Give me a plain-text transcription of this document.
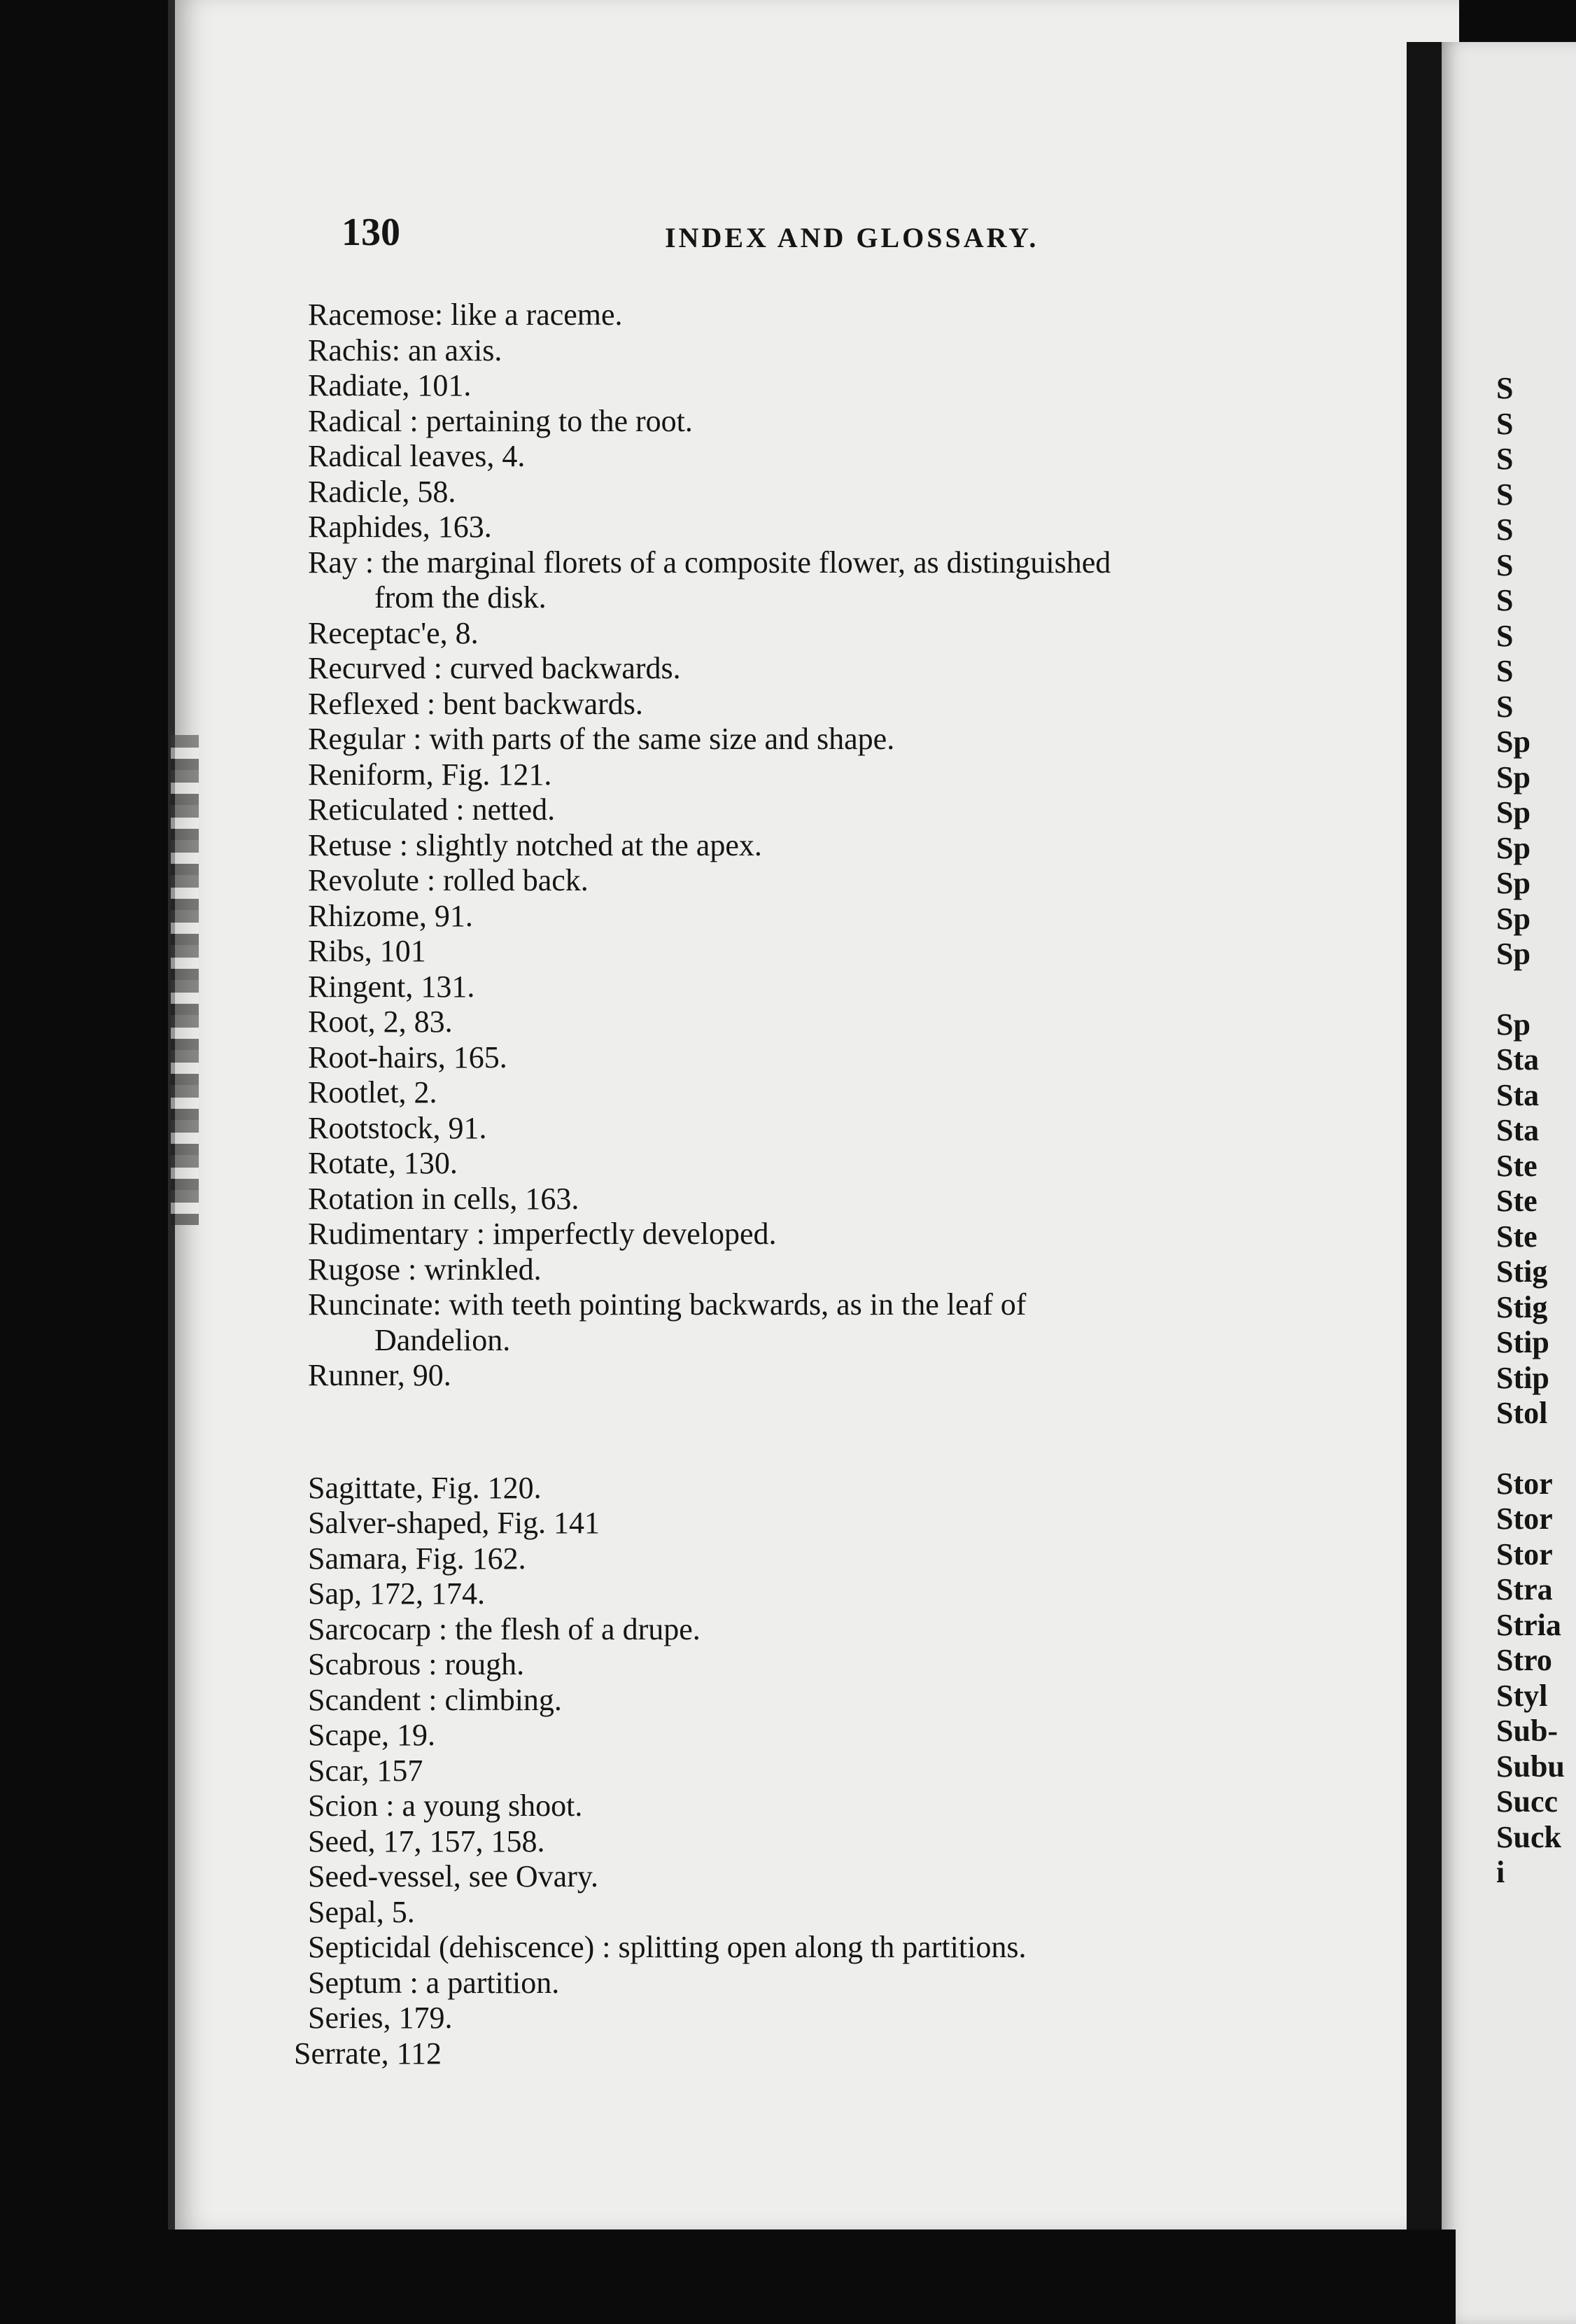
130	INDEX AND GLOSSARY.
Racemose: like a raceme.
Rachis: an axis.
Radiate, 101.
Radical : pertaining to the root.
Radical leaves, 4.
Radicle, 58.
Raphides, 163.
Ray : the marginal florets of a composite flower, as distinguished
from the disk.
Receptac'e, 8.
Recurved : curved backwards.
Reflexed : bent backwards.
Regular : with parts of the same size and shape.
Reniform, Fig. 121.
Reticulated : netted.
Retuse : slightly notched at the apex.
Revolute : rolled back.
Rhizome, 91.
Ribs, 101
Ringent, 131.
Root, 2, 83.
Root-hairs, 165.
Rootlet, 2.
Rootstock, 91.
Rotate, 130.
Rotation in cells, 163.
Rudimentary : imperfectly developed.
Rugose : wrinkled.
Runcinate: with teeth pointing backwards, as in the leaf of
Dandelion.
Runner, 90.
Sagittate, Fig. 120.
Salver-shaped, Fig. 141
Samara, Fig. 162.
Sap, 172, 174.
Sarcocarp : the flesh of a drupe.
Scabrous : rough.
Scandent : climbing.
Scape, 19.
Scar, 157
Scion : a young shoot.
Seed, 17, 157, 158.
Seed-vessel, see Ovary.
Sepal, 5.
Septicidal (dehiscence) : splitting open along th partitions.
Septum : a partition.
Series, 179.
Serrate, 112
S
S
S
S
S
S
S
S
S
S
Sp
Sp
Sp
Sp
Sp
Sp
Sp
Sp
Sta
Sta
Sta
Ste
Ste
Ste
Stig
Stig
Stip
Stip
Stol
Stor
Stor
Stor
Stra
Stria
Stro
Styl
Sub-
Subu
Succ
Suck
i
